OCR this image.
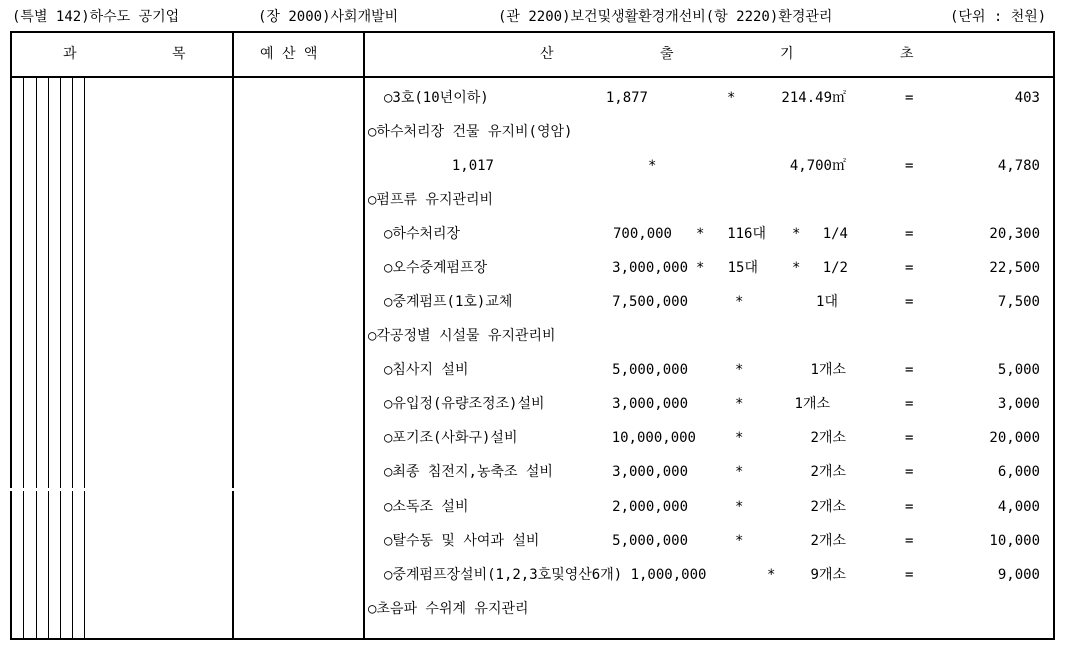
(특별 142)하수도 공기업	(장 2000)사회개발비	(관 2200)보건및생활환경개선비(항 2220)환경관리	(단위 : 천원)
과	목	예 산 액	산	출	기	초
○3호(10년이하)	1,877	*	214.49㎡	=	403
○하수처리장 건물 유지비(영암)
1,017	*	4,700㎡	=	4,780
○펌프류 유지관리비
○하수처리장	700,000 *	116대 *	1/4	=	20,300
○오수중계펌프장	3,000,000 *	15대 *	1/2	=	22,500
○중계펌프(1호)교체	7,500,000	*	1대	=	7,500
○각공정별 시설물 유지관리비
○침사지 설비	5,000,000	*	1개소	=	5,000
○유입정(유량조정조)설비	3,000,000	*	1개소	=	3,000
○포기조(사화구)설비	10,000,000	*	2개소	=	20,000
○최종 침전지,농축조 설비	3,000,000	*	2개소	=	6,000
○소독조 설비	2,000,000	*	2개소	=	4,000
○탈수동 및 사여과 설비	5,000,000	*	2개소	=	10,000
○중계펌프장설비(1,2,3호및영산6개) 1,000,000	*	9개소	=	9,000
○초음파 수위계 유지관리
